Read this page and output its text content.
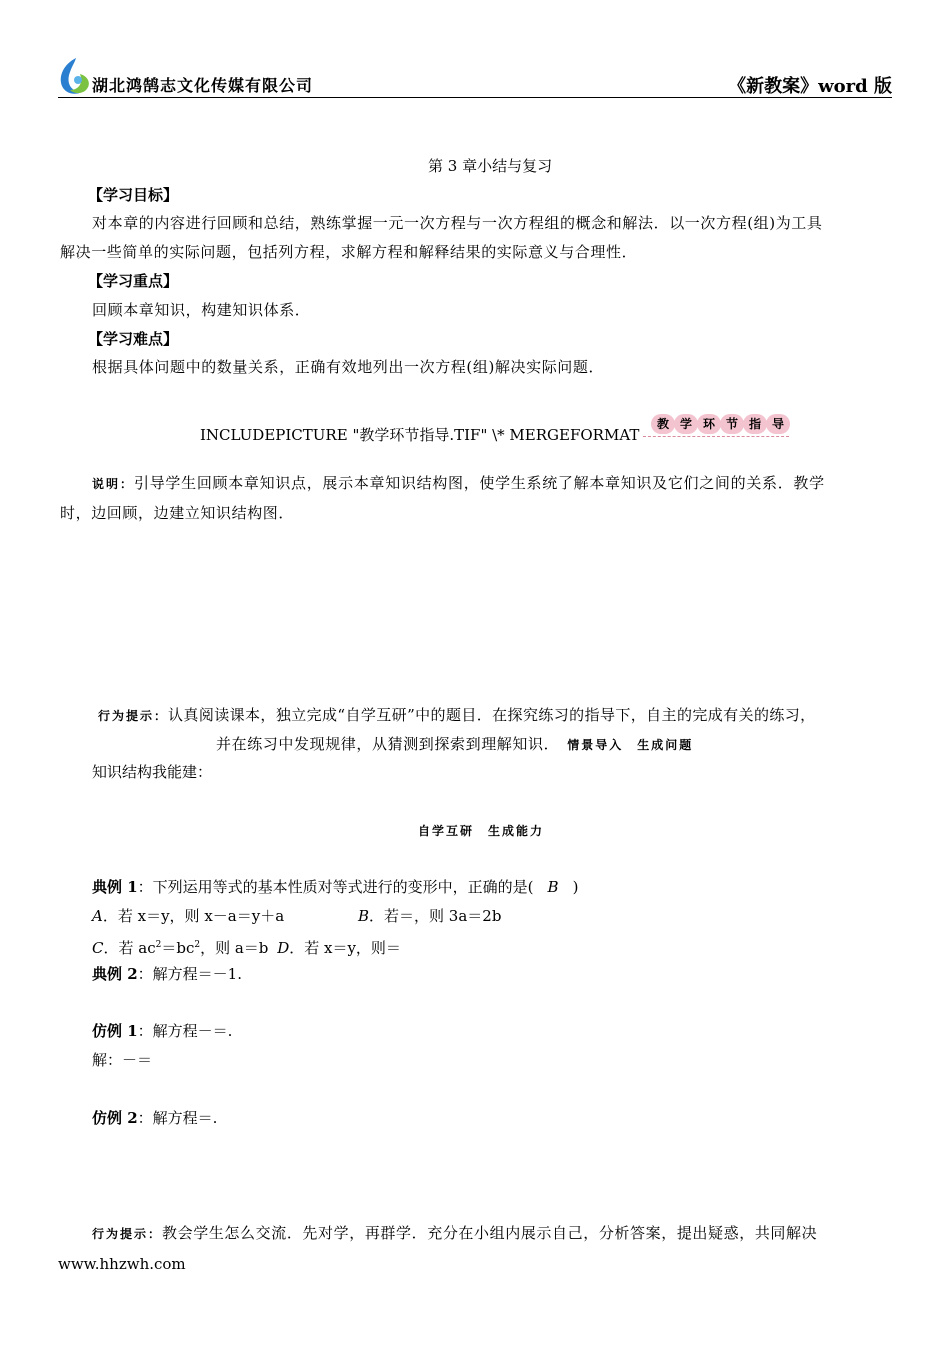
湖北鸿鹄志文化传媒有限公司	《新教案》word 版
第 3 章小结与复习
【学习目标】
对本章的内容进行回顾和总结，熟练掌握一元一次方程与一次方程组的概念和解法．以一次方程(组)为工具
解决一些简单的实际问题，包括列方程，求解方程和解释结果的实际意义与合理性．
【学习重点】
回顾本章知识，构建知识体系．
【学习难点】
根据具体问题中的数量关系，正确有效地列出一次方程(组)解决实际问题．
INCLUDEPICTURE "教学环节指导.TIF" \* MERGEFORMAT
教 学 环 节 指 导
说明：引导学生回顾本章知识点，展示本章知识结构图，使学生系统了解本章知识及它们之间的关系．教学
时，边回顾，边建立知识结构图．
行为提示：认真阅读课本，独立完成“自学互研”中的题目．在探究练习的指导下，自主的完成有关的练习，
并在练习中发现规律，从猜测到探索到理解知识． 情景导入　生成问题
知识结构我能建：
自学互研　生成能力
典例 1：下列运用等式的基本性质对等式进行的变形中，正确的是( B )
A．若 x＝y，则 x－a＝y＋a	B．若＝，则 3a＝2b
C．若 $ac^2=bc^2$，则 a＝b D．若 x＝y，则＝
典例 2：解方程＝－1.
仿例 1：解方程－＝.
解：－＝
仿例 2：解方程＝.
行为提示：教会学生怎么交流．先对学，再群学．充分在小组内展示自己，分析答案，提出疑惑，共同解决
www.hhzwh.com
